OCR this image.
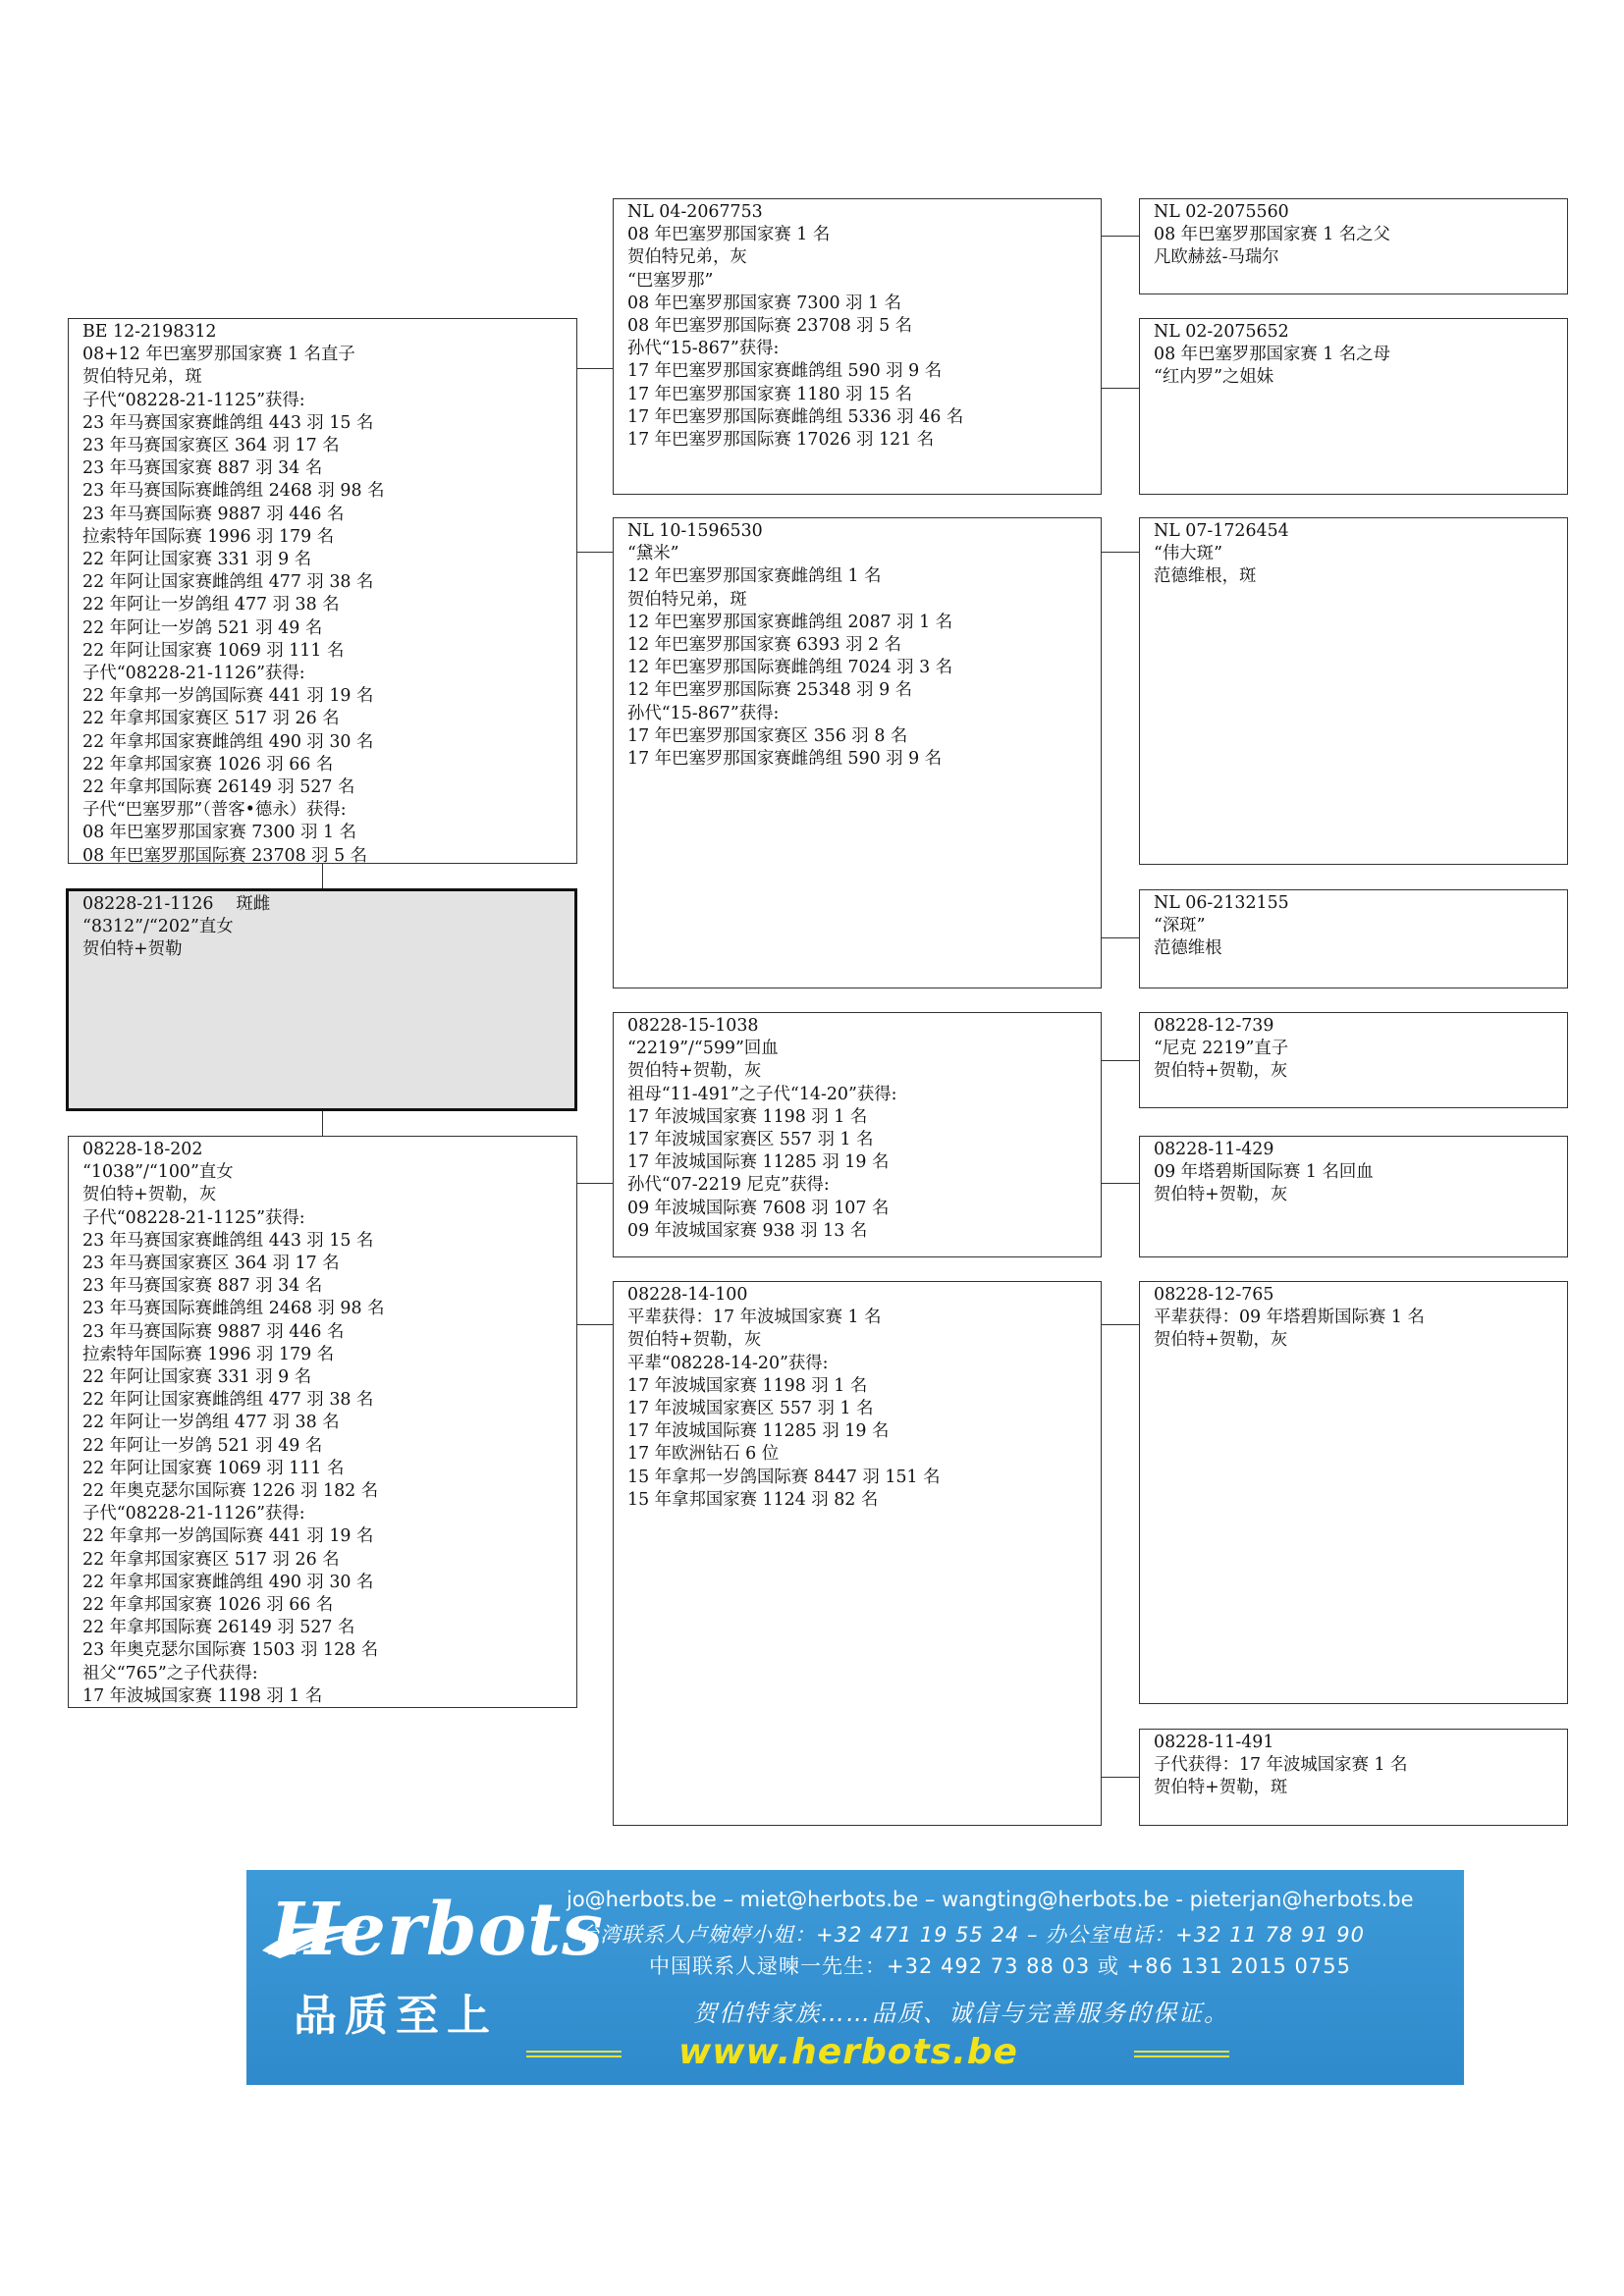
BE 12-2198312
08+12 年巴塞罗那国家赛 1 名直子
贺伯特兄弟，斑
子代“08228-21-1125”获得:
23 年马赛国家赛雌鸽组 443 羽 15 名
23 年马赛国家赛区 364 羽 17 名
23 年马赛国家赛 887 羽 34 名
23 年马赛国际赛雌鸽组 2468 羽 98 名
23 年马赛国际赛 9887 羽 446 名
拉索特年国际赛 1996 羽 179 名
22 年阿让国家赛 331 羽 9 名
22 年阿让国家赛雌鸽组 477 羽 38 名
22 年阿让一岁鸽组 477 羽 38 名
22 年阿让一岁鸽 521 羽 49 名
22 年阿让国家赛 1069 羽 111 名
子代“08228-21-1126”获得:
22 年拿邦一岁鸽国际赛 441 羽 19 名
22 年拿邦国家赛区 517 羽 26 名
22 年拿邦国家赛雌鸽组 490 羽 30 名
22 年拿邦国家赛 1026 羽 66 名
22 年拿邦国际赛 26149 羽 527 名
子代“巴塞罗那”（普客•德永）获得:
08 年巴塞罗那国家赛 7300 羽 1 名
08 年巴塞罗那国际赛 23708 羽 5 名
08228-21-1126　 斑雌
“8312”/“202”直女
贺伯特+贺勒
08228-18-202
“1038”/“100”直女
贺伯特+贺勒，灰
子代“08228-21-1125”获得:
23 年马赛国家赛雌鸽组 443 羽 15 名
23 年马赛国家赛区 364 羽 17 名
23 年马赛国家赛 887 羽 34 名
23 年马赛国际赛雌鸽组 2468 羽 98 名
23 年马赛国际赛 9887 羽 446 名
拉索特年国际赛 1996 羽 179 名
22 年阿让国家赛 331 羽 9 名
22 年阿让国家赛雌鸽组 477 羽 38 名
22 年阿让一岁鸽组 477 羽 38 名
22 年阿让一岁鸽 521 羽 49 名
22 年阿让国家赛 1069 羽 111 名
22 年奥克瑟尔国际赛 1226 羽 182 名
子代“08228-21-1126”获得:
22 年拿邦一岁鸽国际赛 441 羽 19 名
22 年拿邦国家赛区 517 羽 26 名
22 年拿邦国家赛雌鸽组 490 羽 30 名
22 年拿邦国家赛 1026 羽 66 名
22 年拿邦国际赛 26149 羽 527 名
23 年奥克瑟尔国际赛 1503 羽 128 名
祖父“765”之子代获得:
17 年波城国家赛 1198 羽 1 名
NL 04-2067753
08 年巴塞罗那国家赛 1 名
贺伯特兄弟，灰
“巴塞罗那”
08 年巴塞罗那国家赛 7300 羽 1 名
08 年巴塞罗那国际赛 23708 羽 5 名
孙代“15-867”获得:
17 年巴塞罗那国家赛雌鸽组 590 羽 9 名
17 年巴塞罗那国家赛 1180 羽 15 名
17 年巴塞罗那国际赛雌鸽组 5336 羽 46 名
17 年巴塞罗那国际赛 17026 羽 121 名
NL 10-1596530
“黛米”
12 年巴塞罗那国家赛雌鸽组 1 名
贺伯特兄弟，斑
12 年巴塞罗那国家赛雌鸽组 2087 羽 1 名
12 年巴塞罗那国家赛 6393 羽 2 名
12 年巴塞罗那国际赛雌鸽组 7024 羽 3 名
12 年巴塞罗那国际赛 25348 羽 9 名
孙代“15-867”获得:
17 年巴塞罗那国家赛区 356 羽 8 名
17 年巴塞罗那国家赛雌鸽组 590 羽 9 名
08228-15-1038
“2219”/“599”回血
贺伯特+贺勒，灰
祖母“11-491”之子代“14-20”获得:
17 年波城国家赛 1198 羽 1 名
17 年波城国家赛区 557 羽 1 名
17 年波城国际赛 11285 羽 19 名
孙代“07-2219 尼克”获得:
09 年波城国际赛 7608 羽 107 名
09 年波城国家赛 938 羽 13 名
08228-14-100
平辈获得：17 年波城国家赛 1 名
贺伯特+贺勒，灰
平辈“08228-14-20”获得:
17 年波城国家赛 1198 羽 1 名
17 年波城国家赛区 557 羽 1 名
17 年波城国际赛 11285 羽 19 名
17 年欧洲钻石 6 位
15 年拿邦一岁鸽国际赛 8447 羽 151 名
15 年拿邦国家赛 1124 羽 82 名
NL 02-2075560
08 年巴塞罗那国家赛 1 名之父
凡欧赫兹-马瑞尔
NL 02-2075652
08 年巴塞罗那国家赛 1 名之母
“红内罗”之姐妹
NL 07-1726454
“伟大斑”
范德维根，斑
NL 06-2132155
“深斑”
范德维根
08228-12-739
“尼克 2219”直子
贺伯特+贺勒，灰
08228-11-429
09 年塔碧斯国际赛 1 名回血
贺伯特+贺勒，灰
08228-12-765
平辈获得：09 年塔碧斯国际赛 1 名
贺伯特+贺勒，灰
08228-11-491
子代获得：17 年波城国家赛 1 名
贺伯特+贺勒，斑
Herbots
品质至上
jo@herbots.be – miet@herbots.be – wangting@herbots.be - pieterjan@herbots.be
台湾联系人卢婉婷小姐：+32 471 19 55 24 – 办公室电话：+32 11 78 91 90
中国联系人逯暕一先生：+32 492 73 88 03 或 +86 131 2015 0755
贺伯特家族……品质、诚信与完善服务的保证。
www.herbots.be
